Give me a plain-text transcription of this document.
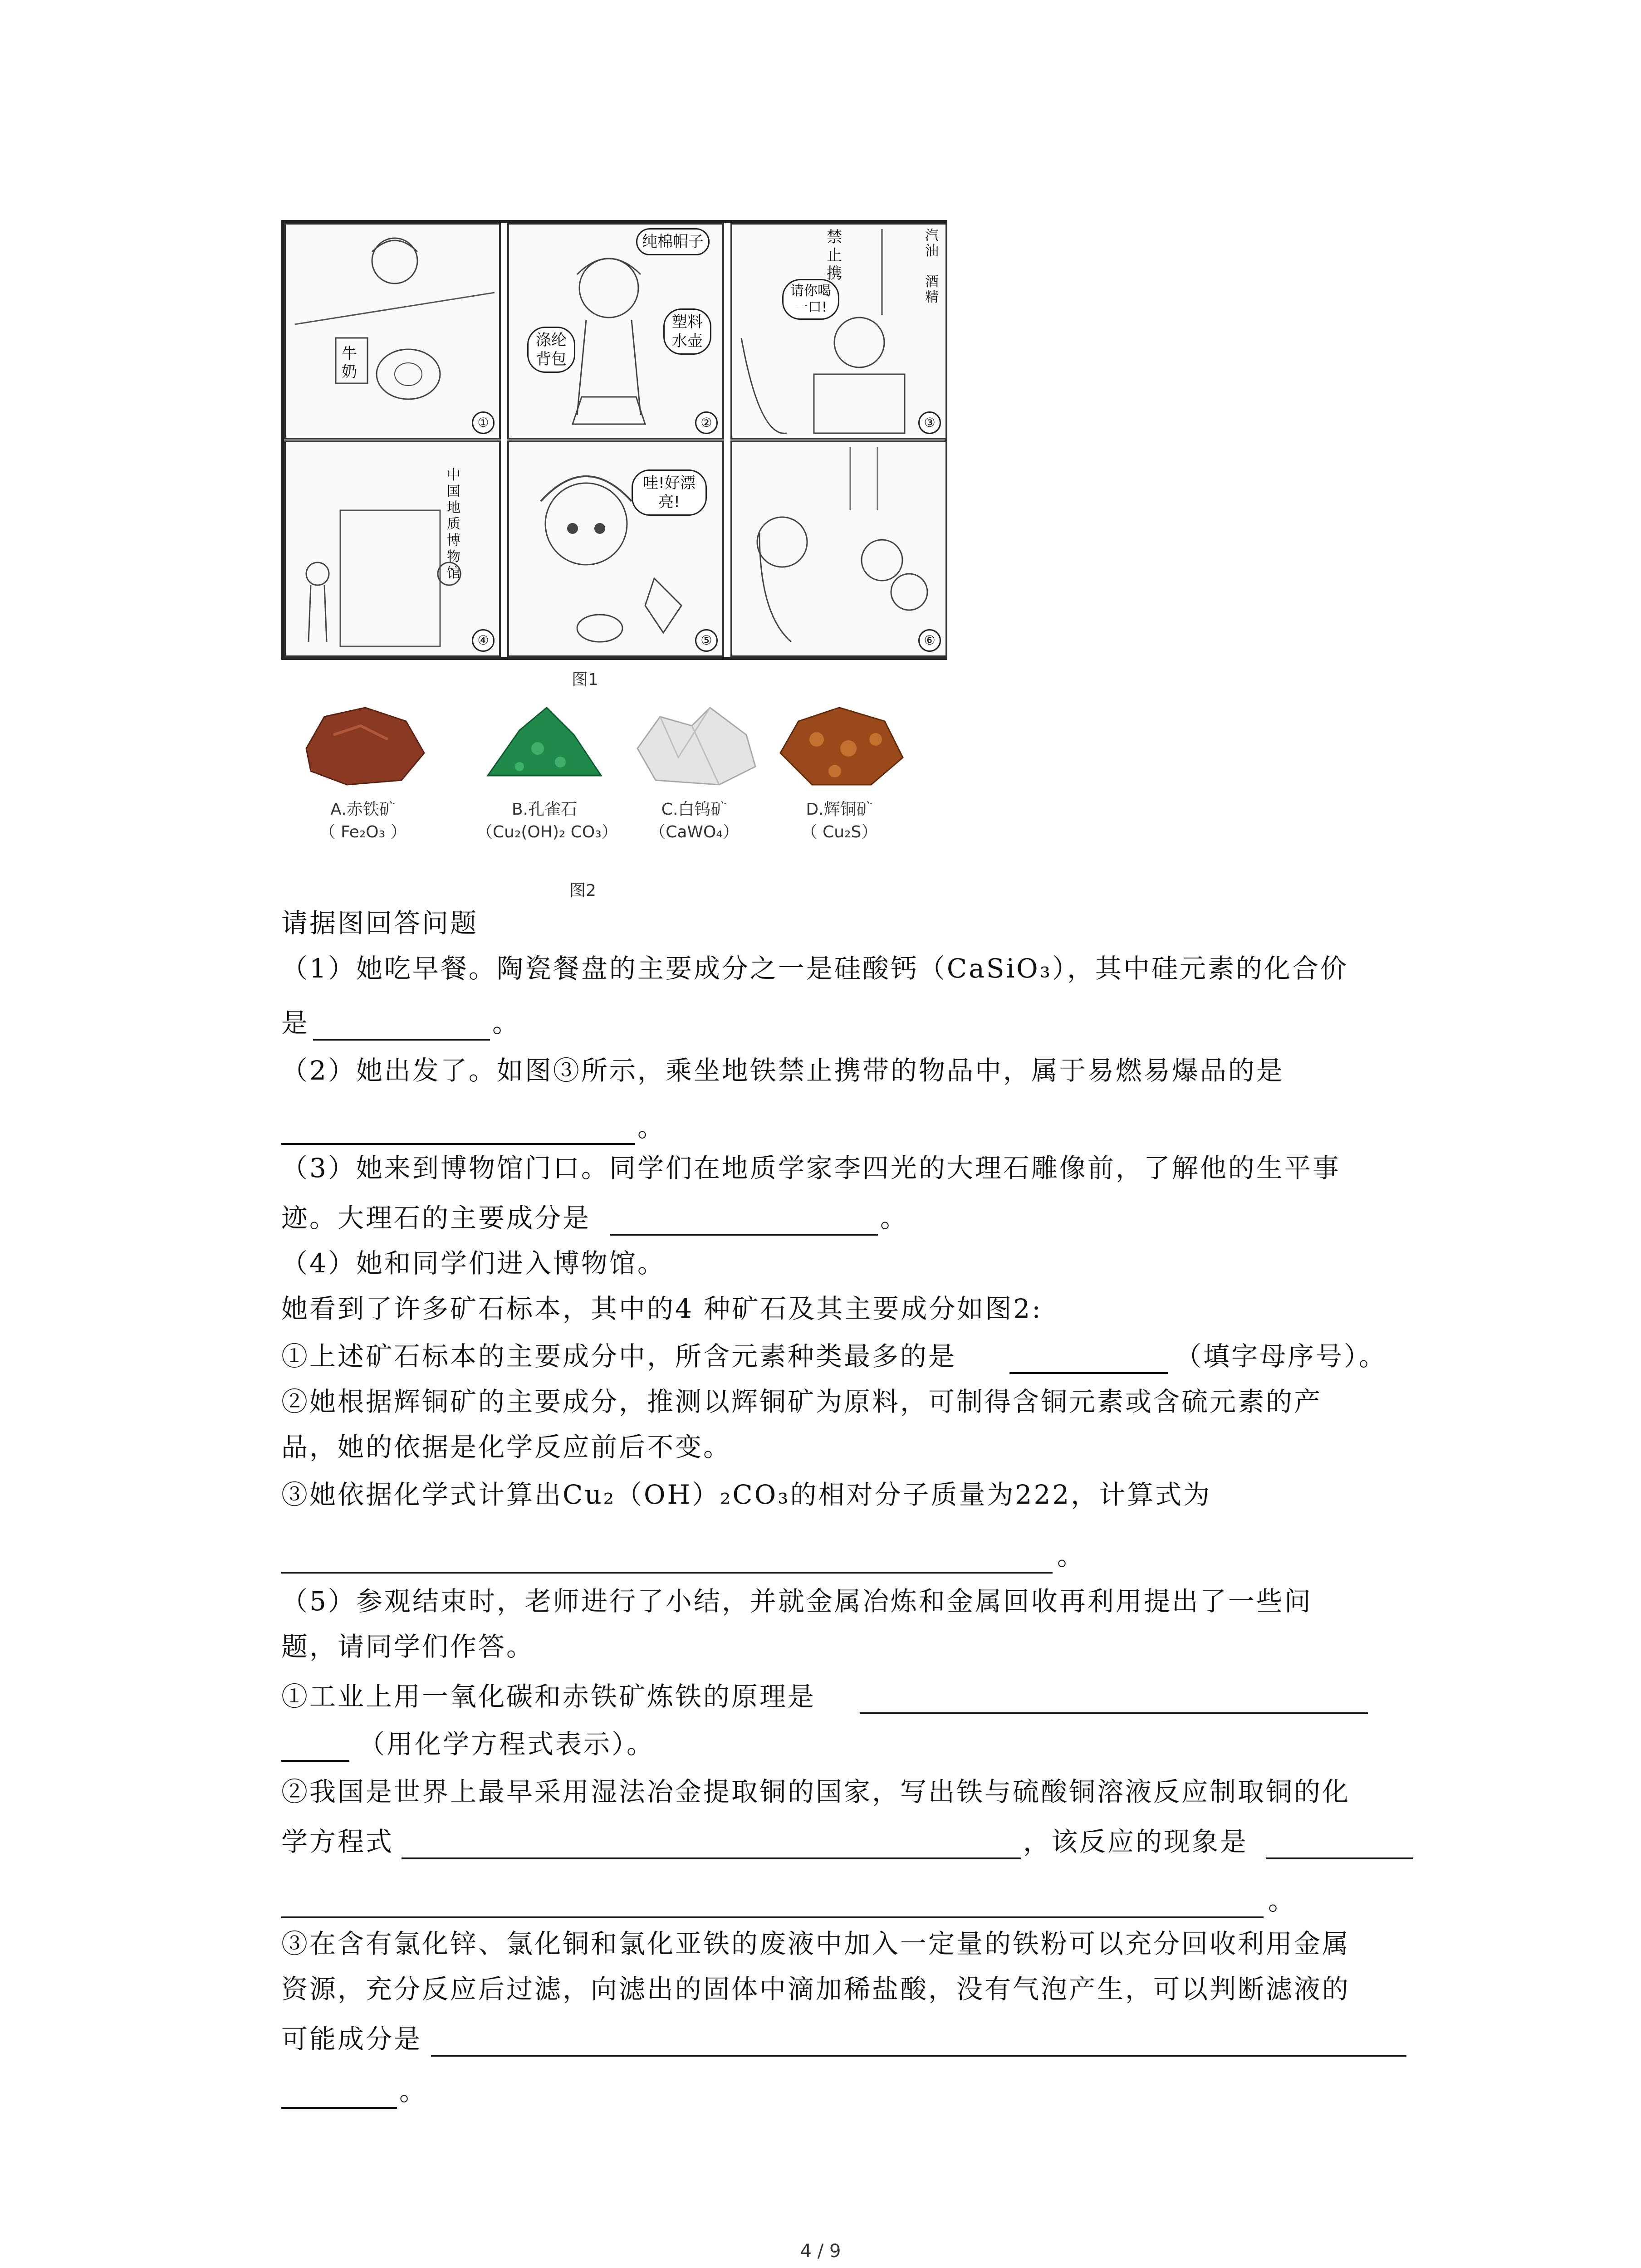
牛奶
①
纯棉帽子
涤纶背包
塑料水壶
②
禁止携
请你喝一口!
汽油
酒精
③
中国地质博物馆
④
哇!好漂亮!
⑤	⑥
图1
A.赤铁矿
（ Fe₂O₃ ）
B.孔雀石
（Cu₂(OH)₂ CO₃）
C.白钨矿
（CaWO₄）
D.辉铜矿
（ Cu₂S）
图2
请据图回答问题
（1）她吃早餐。陶瓷餐盘的主要成分之一是硅酸钙（CaSiO₃），其中硅元素的化合价
是	。
（2）她出发了。如图③所示，乘坐地铁禁止携带的物品中，属于易燃易爆品的是
。
（3）她来到博物馆门口。同学们在地质学家李四光的大理石雕像前，了解他的生平事
迹。大理石的主要成分是	。
（4）她和同学们进入博物馆。
她看到了许多矿石标本，其中的4 种矿石及其主要成分如图2:
①上述矿石标本的主要成分中，所含元素种类最多的是	（填字母序号）。
②她根据辉铜矿的主要成分，推测以辉铜矿为原料，可制得含铜元素或含硫元素的产
品，她的依据是化学反应前后不变。
③她依据化学式计算出Cu₂（OH）₂CO₃的相对分子质量为222，计算式为
。
（5）参观结束时，老师进行了小结，并就金属冶炼和金属回收再利用提出了一些问
题，请同学们作答。
①工业上用一氧化碳和赤铁矿炼铁的原理是
（用化学方程式表示）。
②我国是世界上最早采用湿法冶金提取铜的国家，写出铁与硫酸铜溶液反应制取铜的化
学方程式	，该反应的现象是
。
③在含有氯化锌、氯化铜和氯化亚铁的废液中加入一定量的铁粉可以充分回收利用金属
资源，充分反应后过滤，向滤出的固体中滴加稀盐酸，没有气泡产生，可以判断滤液的
可能成分是
。
4 / 9
